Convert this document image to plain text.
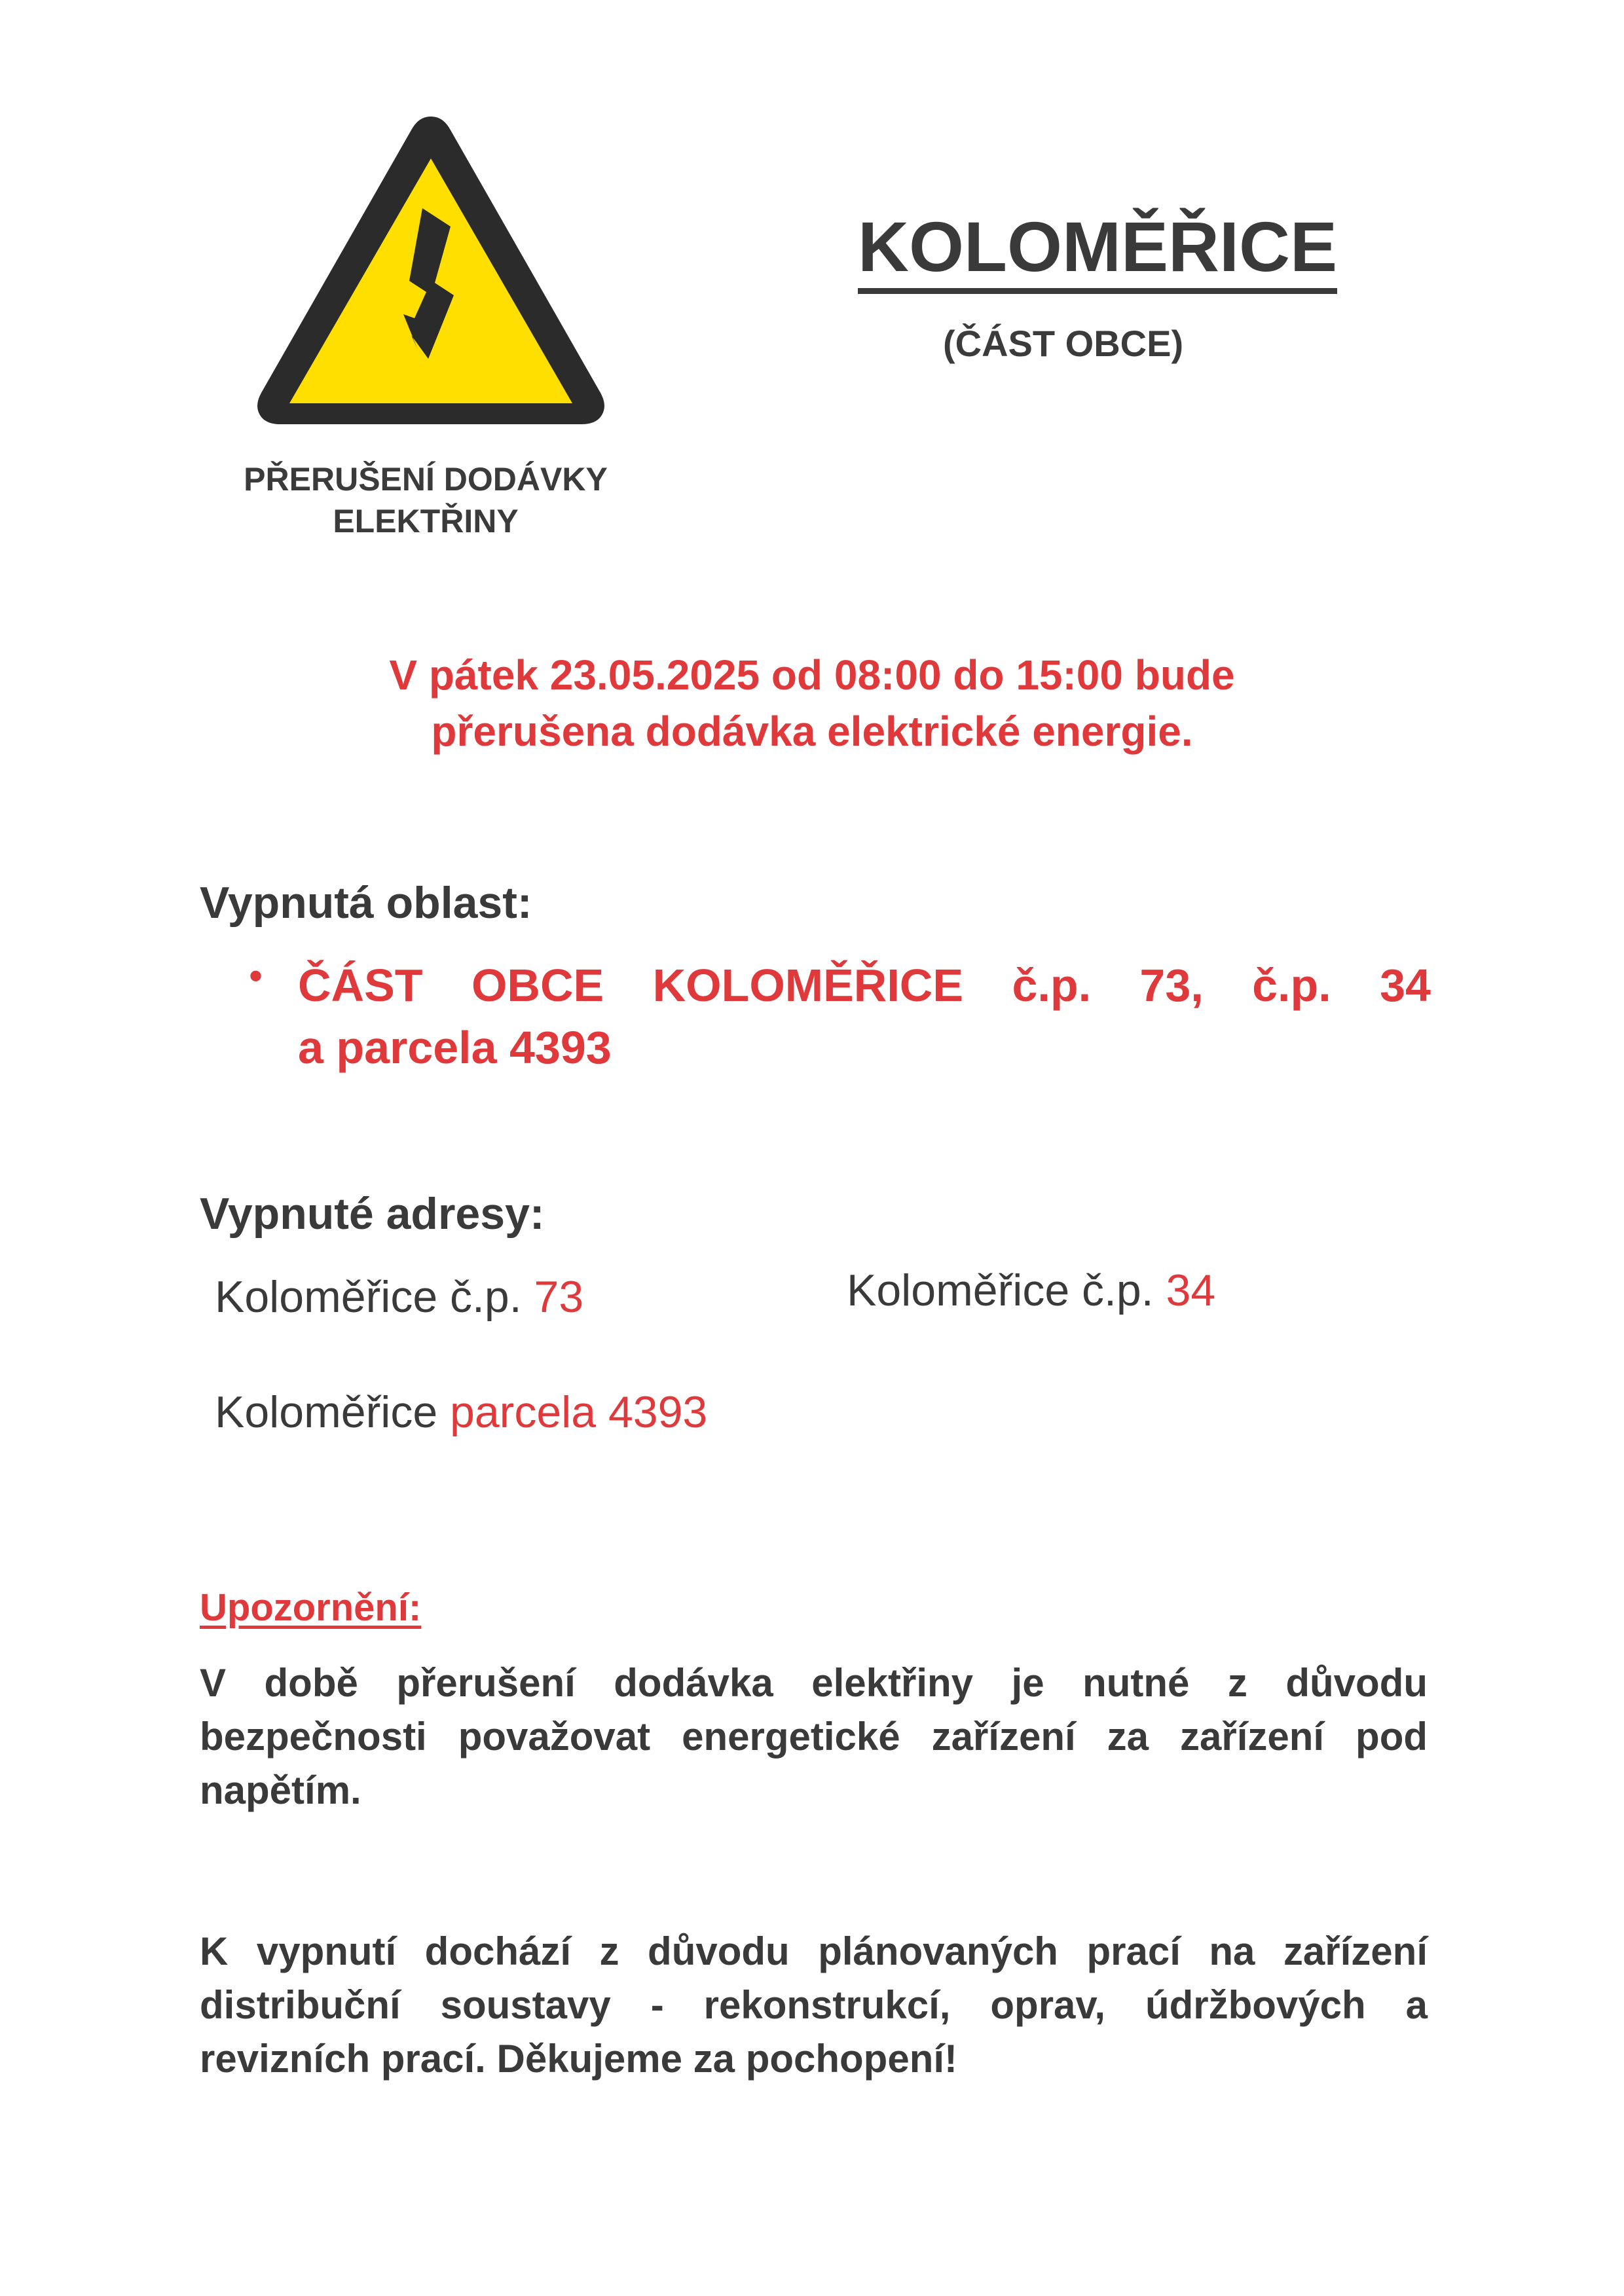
PŘERUŠENÍ DODÁVKY
ELEKTŘINY
KOLOMĚŘICE
(ČÁST OBCE)
V pátek 23.05.2025 od 08:00 do 15:00 bude
přerušena dodávka elektrické energie.
Vypnutá oblast:
• ČÁST OBCE KOLOMĚŘICE č.p. 73, č.p. 34
a parcela 4393
Vypnuté adresy:
Koloměřice č.p. 73	Koloměřice č.p. 34
Koloměřice parcela 4393
Upozornění:
V době přerušení dodávka elektřiny je nutné z důvodu bezpečnosti považovat energetické zařízení za zařízení pod napětím.
K vypnutí dochází z důvodu plánovaných prací na zařízení distribuční soustavy - rekonstrukcí, oprav, údržbových a revizních prací. Děkujeme za pochopení!
